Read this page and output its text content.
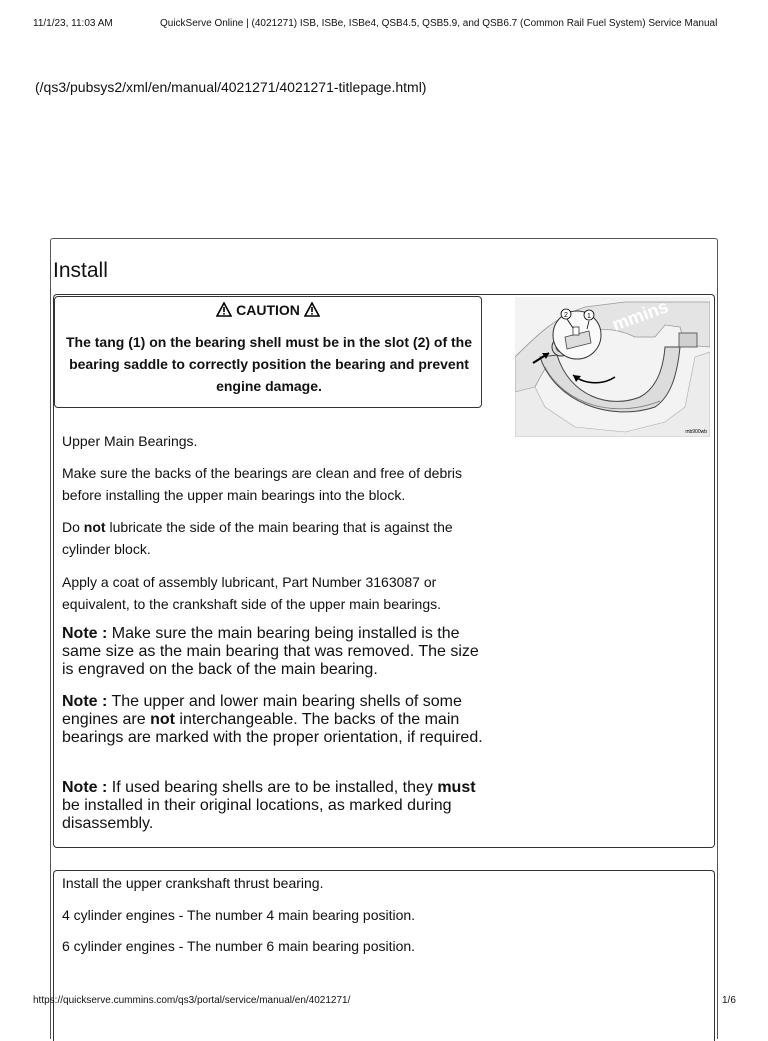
11/1/23, 11:03 AM	QuickServe Online | (4021271) ISB, ISBe, ISBe4, QSB4.5, QSB5.9, and QSB6.7 (Common Rail Fuel System) Service Manual
(/qs3/pubsys2/xml/en/manual/4021271/4021271-titlepage.html)
Install
CAUTION
The tang (1) on the bearing shell must be in the slot (2) of the bearing saddle to correctly position the bearing and prevent engine damage.
1
2 mmins
mb900wb
Upper Main Bearings.
Make sure the backs of the bearings are clean and free of debris before installing the upper main bearings into the block.
Do not lubricate the side of the main bearing that is against the cylinder block.
Apply a coat of assembly lubricant, Part Number 3163087 or equivalent, to the crankshaft side of the upper main bearings.
Note : Make sure the main bearing being installed is the same size as the main bearing that was removed. The size is engraved on the back of the main bearing.
Note : The upper and lower main bearing shells of some engines are not interchangeable. The backs of the main bearings are marked with the proper orientation, if required.
Note : If used bearing shells are to be installed, they must be installed in their original locations, as marked during disassembly.
Install the upper crankshaft thrust bearing.
4 cylinder engines - The number 4 main bearing position.
6 cylinder engines - The number 6 main bearing position.
https://quickserve.cummins.com/qs3/portal/service/manual/en/4021271/	1/6
